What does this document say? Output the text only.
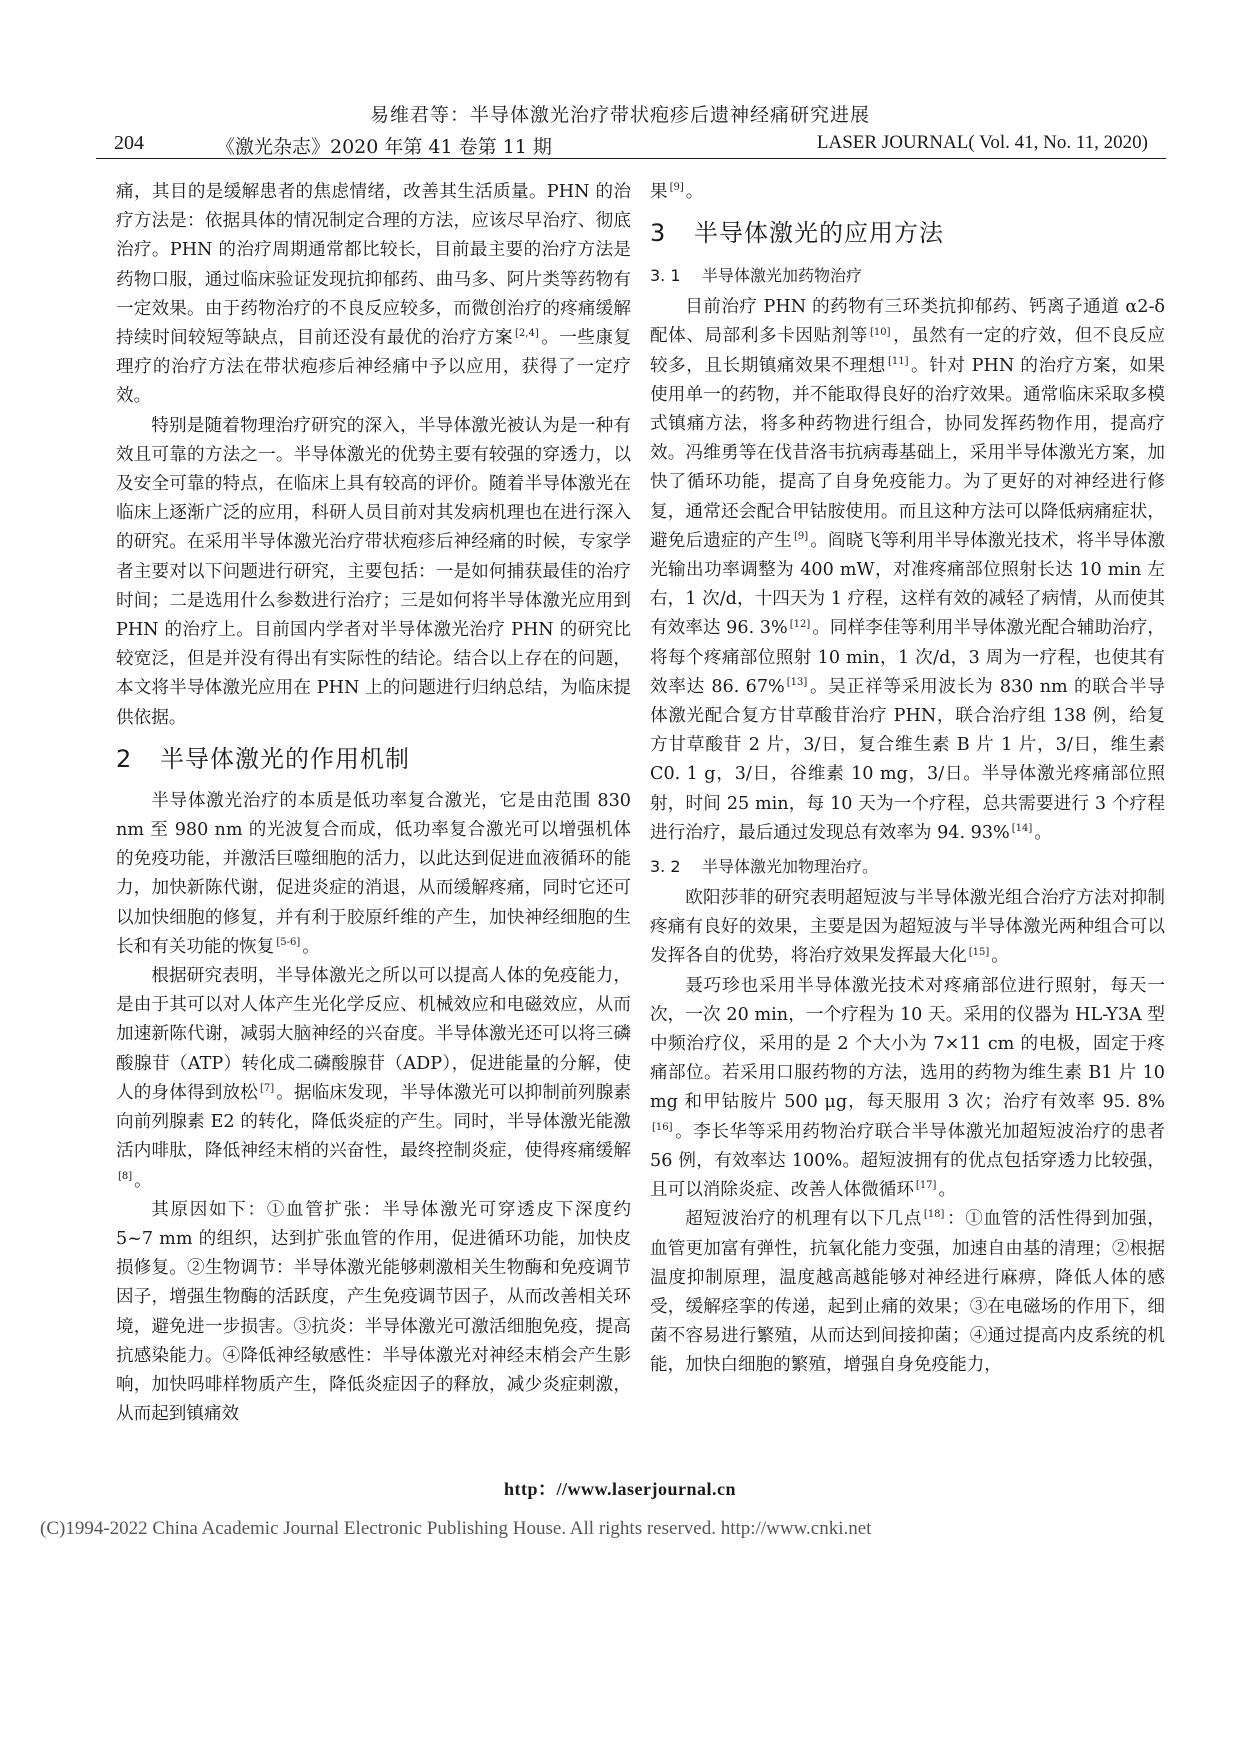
易维君等：半导体激光治疗带状疱疹后遗神经痛研究进展
204	《激光杂志》2020 年第 41 卷第 11 期	LASER JOURNAL( Vol. 41, No. 11, 2020)

痛，其目的是缓解患者的焦虑情绪，改善其生活质量。PHN 的治疗方法是：依据具体的情况制定合理的方法，应该尽早治疗、彻底治疗。PHN 的治疗周期通常都比较长，目前最主要的治疗方法是药物口服，通过临床验证发现抗抑郁药、曲马多、阿片类等药物有一定效果。由于药物治疗的不良反应较多，而微创治疗的疼痛缓解持续时间较短等缺点，目前还没有最优的治疗方案 [2,4] 。一些康复理疗的治疗方法在带状疱疹后神经痛中予以应用，获得了一定疗效。

特别是随着物理治疗研究的深入，半导体激光被认为是一种有效且可靠的方法之一。半导体激光的优势主要有较强的穿透力，以及安全可靠的特点，在临床上具有较高的评价。随着半导体激光在临床上逐渐广泛的应用，科研人员目前对其发病机理也在进行深入的研究。在采用半导体激光治疗带状疱疹后神经痛的时候，专家学者主要对以下问题进行研究，主要包括：一是如何捕获最佳的治疗时间；二是选用什么参数进行治疗；三是如何将半导体激光应用到 PHN 的治疗上。目前国内学者对半导体激光治疗 PHN 的研究比较宽泛，但是并没有得出有实际性的结论。结合以上存在的问题，本文将半导体激光应用在 PHN 上的问题进行归纳总结，为临床提供依据。

2 半导体激光的作用机制

半导体激光治疗的本质是低功率复合激光，它是由范围 830 nm 至 980 nm 的光波复合而成，低功率复合激光可以增强机体的免疫功能，并激活巨噬细胞的活力，以此达到促进血液循环的能力，加快新陈代谢，促进炎症的消退，从而缓解疼痛，同时它还可以加快细胞的修复，并有利于胶原纤维的产生，加快神经细胞的生长和有关功能的恢复 [5-6] 。

根据研究表明，半导体激光之所以可以提高人体的免疫能力，是由于其可以对人体产生光化学反应、机械效应和电磁效应，从而加速新陈代谢，减弱大脑神经的兴奋度。半导体激光还可以将三磷酸腺苷（ATP）转化成二磷酸腺苷（ADP），促进能量的分解，使人的身体得到放松 [7] 。据临床发现，半导体激光可以抑制前列腺素向前列腺素 E2 的转化，降低炎症的产生。同时，半导体激光能激活内啡肽，降低神经末梢的兴奋性，最终控制炎症，使得疼痛缓解[8] 。

其原因如下：①血管扩张：半导体激光可穿透皮下深度约 5~7 mm 的组织，达到扩张血管的作用，促进循环功能，加快皮损修复。②生物调节：半导体激光能够刺激相关生物酶和免疫调节因子，增强生物酶的活跃度，产生免疫调节因子，从而改善相关环境，避免进一步损害。③抗炎：半导体激光可激活细胞免疫，提高抗感染能力。④降低神经敏感性：半导体激光对神经末梢会产生影响，加快吗啡样物质产生，降低炎症因子的释放，减少炎症刺激，从而起到镇痛效

果 [9] 。

3 半导体激光的应用方法
3. 1 半导体激光加药物治疗

目前治疗 PHN 的药物有三环类抗抑郁药、钙离子通道 α2-δ 配体、局部利多卡因贴剂等 [10] ，虽然有一定的疗效，但不良反应较多，且长期镇痛效果不理想 [11] 。针对 PHN 的治疗方案，如果使用单一的药物，并不能取得良好的治疗效果。通常临床采取多模式镇痛方法，将多种药物进行组合，协同发挥药物作用，提高疗效。冯维勇等在伐昔洛韦抗病毒基础上，采用半导体激光方案，加快了循环功能，提高了自身免疫能力。为了更好的对神经进行修复，通常还会配合甲钴胺使用。而且这种方法可以降低病痛症状，避免后遗症的产生 [9] 。阎晓飞等利用半导体激光技术，将半导体激光输出功率调整为 400 mW，对准疼痛部位照射长达 10 min 左右，1 次/d，十四天为 1 疗程，这样有效的减轻了病情，从而使其有效率达 96. 3% [12] 。同样李佳等利用半导体激光配合辅助治疗，将每个疼痛部位照射 10 min，1 次/d，3 周为一疗程，也使其有效率达 86. 67% [13] 。吴正祥等采用波长为 830 nm 的联合半导体激光配合复方甘草酸苷治疗 PHN，联合治疗组 138 例，给复方甘草酸苷 2 片，3/日，复合维生素 B 片 1 片，3/日，维生素 C0. 1 g，3/日，谷维素 10 mg，3/日。半导体激光疼痛部位照射，时间 25 min，每 10 天为一个疗程，总共需要进行 3 个疗程进行治疗，最后通过发现总有效率为 94. 93% [14] 。

3. 2 半导体激光加物理治疗。

欧阳莎菲的研究表明超短波与半导体激光组合治疗方法对抑制疼痛有良好的效果，主要是因为超短波与半导体激光两种组合可以发挥各自的优势，将治疗效果发挥最大化 [15] 。

聂巧珍也采用半导体激光技术对疼痛部位进行照射，每天一次，一次 20 min，一个疗程为 10 天。采用的仪器为 HL-Y3A 型中频治疗仪，采用的是 2 个大小为 7×11 cm 的电极，固定于疼痛部位。若采用口服药物的方法，选用的药物为维生素 B1 片 10 mg 和甲钴胺片 500 μg，每天服用 3 次；治疗有效率 95. 8%[16] 。李长华等采用药物治疗联合半导体激光加超短波治疗的患者 56 例，有效率达 100%。超短波拥有的优点包括穿透力比较强，且可以消除炎症、改善人体微循环 [17] 。

超短波治疗的机理有以下几点 [18] ：①血管的活性得到加强，血管更加富有弹性，抗氧化能力变强，加速自由基的清理；②根据温度抑制原理，温度越高越能够对神经进行麻痹，降低人体的感受，缓解痉挛的传递，起到止痛的效果；③在电磁场的作用下，细菌不容易进行繁殖，从而达到间接抑菌；④通过提高内皮系统的机能，加快白细胞的繁殖，增强自身免疫能力，

http：//www.laserjournal.cn
(C)1994-2022 China Academic Journal Electronic Publishing House. All rights reserved. http://www.cnki.net
